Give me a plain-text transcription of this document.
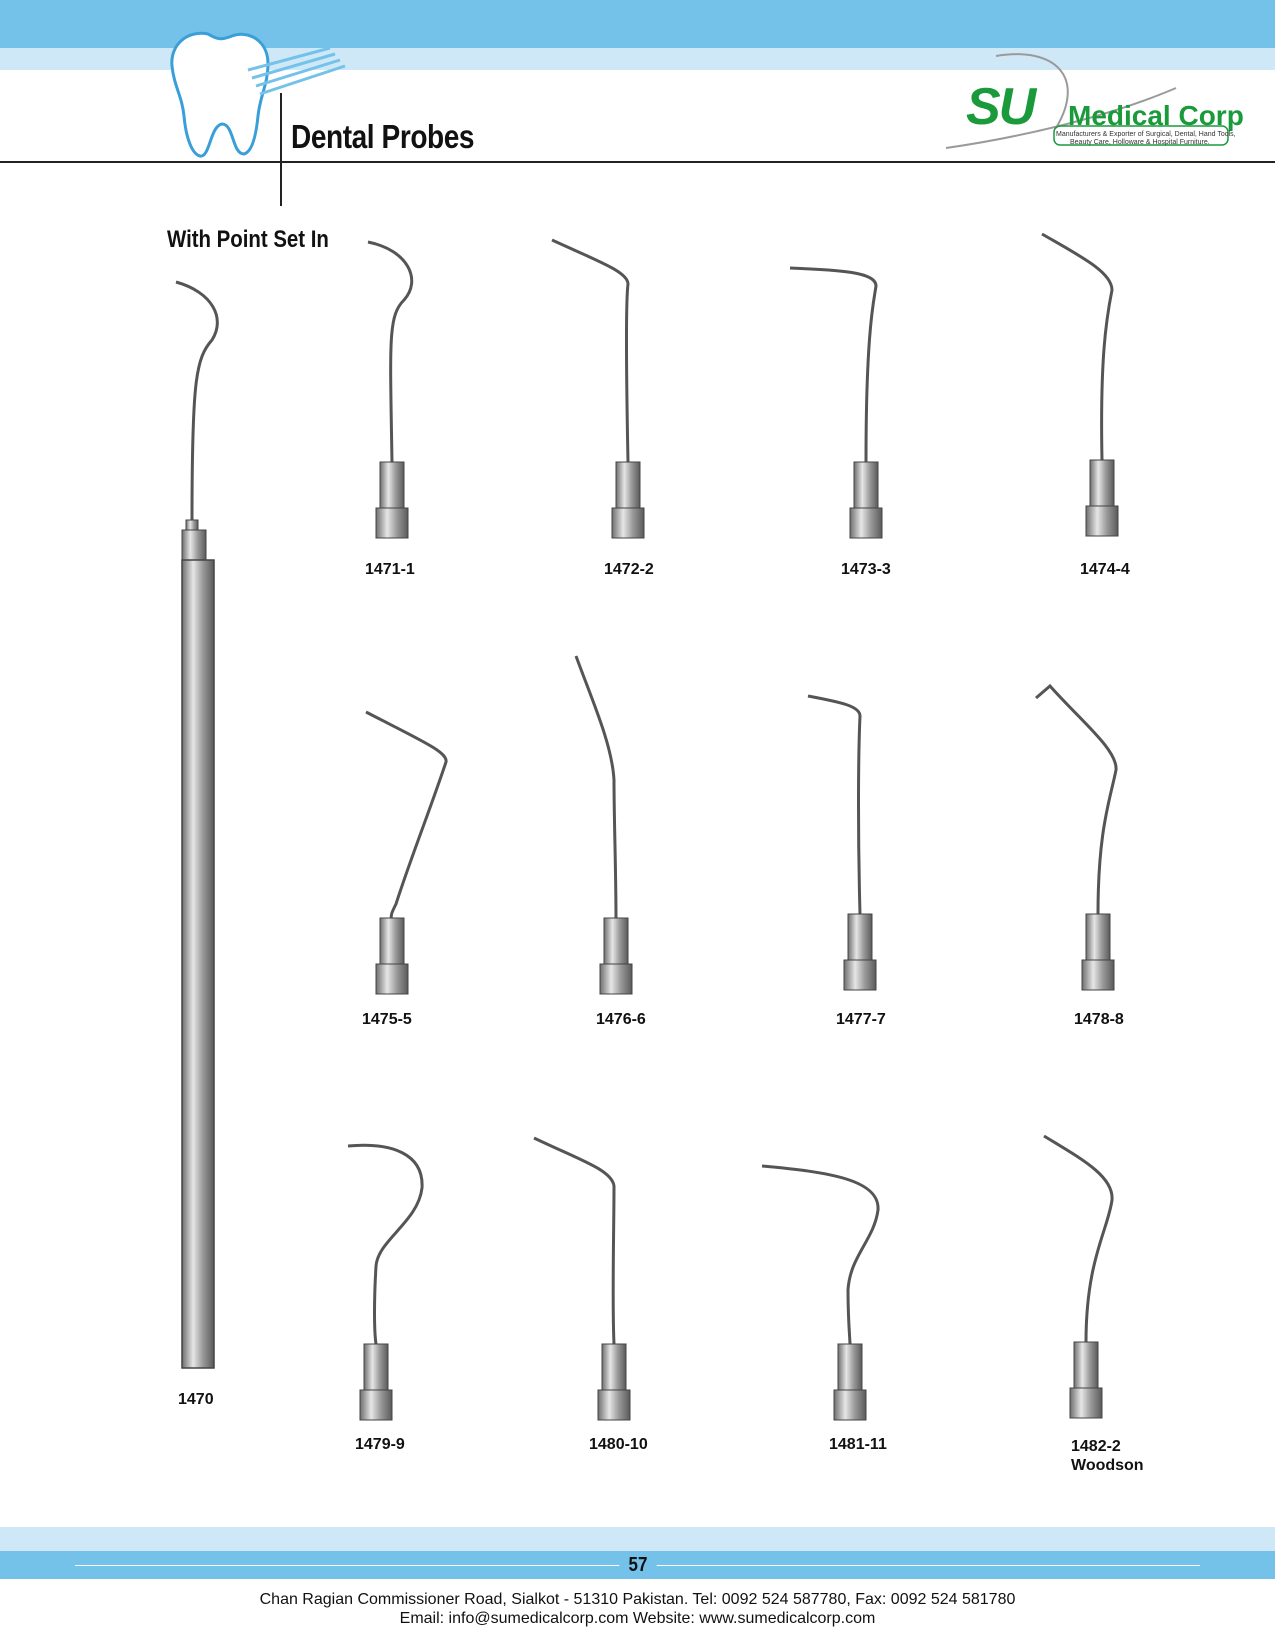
Dental Probes
SU Medical Corp
Manufacturers & Exporter of Surgical, Dental, Hand Tools,
Beauty Care, Holloware & Hospital Furniture.
With Point Set In
1470
1471-1	1472-2	1473-3	1474-4
1475-5	1476-6	1477-7	1478-8
1479-9	1480-10	1481-11	1482-2
Woodson
57
Chan Ragian Commissioner Road, Sialkot - 51310 Pakistan. Tel: 0092 524 587780, Fax: 0092 524 581780
Email: info@sumedicalcorp.com Website: www.sumedicalcorp.com
